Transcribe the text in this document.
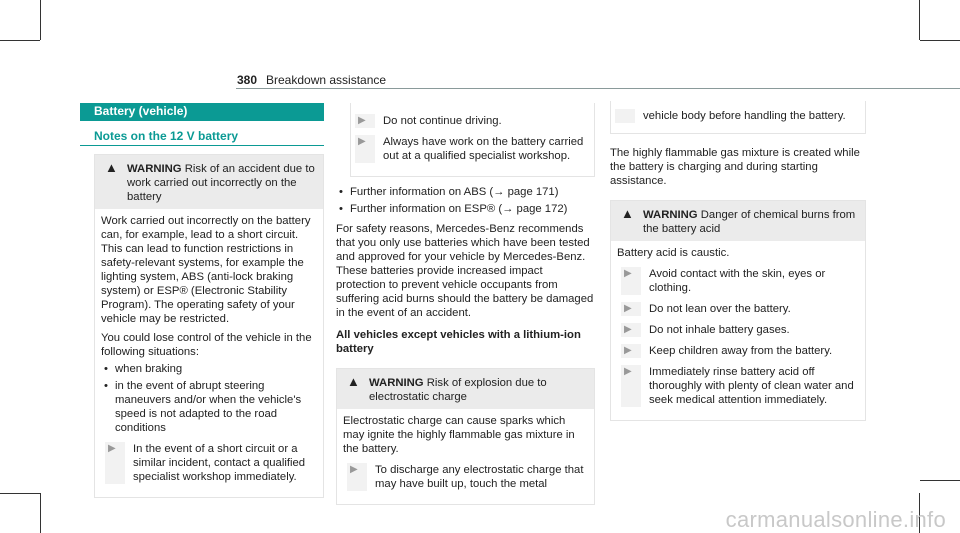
380 Breakdown assistance
Battery (vehicle)
Notes on the 12 V battery
▲ WARNING Risk of an accident due to work carried out incorrectly on the battery

Work carried out incorrectly on the battery can, for example, lead to a short circuit. This can lead to function restrictions in safety-relevant systems, for example the lighting system, ABS (anti-lock braking system) or ESP® (Electronic Stability Program). The operating safety of your vehicle may be restricted.

You could lose control of the vehicle in the following situations:

• when braking
• in the event of abrupt steering maneuvers and/or when the vehicle's speed is not adapted to the road conditions
▶	In the event of a short circuit or a similar incident, contact a qualified specialist workshop immediately.
▶	Do not continue driving.
▶	Always have work on the battery carried out at a qualified specialist workshop.
• Further information on ABS (→ page 171)
• Further information on ESP® (→ page 172)

For safety reasons, Mercedes-Benz recommends that you only use batteries which have been tested and approved for your vehicle by Mercedes-Benz. These batteries provide increased impact protection to prevent vehicle occupants from suffering acid burns should the battery be damaged in the event of an accident.

All vehicles except vehicles with a lithium-ion battery

▲ WARNING Risk of explosion due to electrostatic charge

Electrostatic charge can cause sparks which may ignite the highly flammable gas mixture in the battery.

▶	To discharge any electrostatic charge that may have built up, touch the metal
vehicle body before handling the battery.

The highly flammable gas mixture is created while the battery is charging and during starting assistance.

▲ WARNING Danger of chemical burns from the battery acid

Battery acid is caustic.

▶	Avoid contact with the skin, eyes or clothing.
▶	Do not lean over the battery.
▶	Do not inhale battery gases.
▶	Keep children away from the battery.
▶	Immediately rinse battery acid off thoroughly with plenty of clean water and seek medical attention immediately.
carmanualsonline.info
